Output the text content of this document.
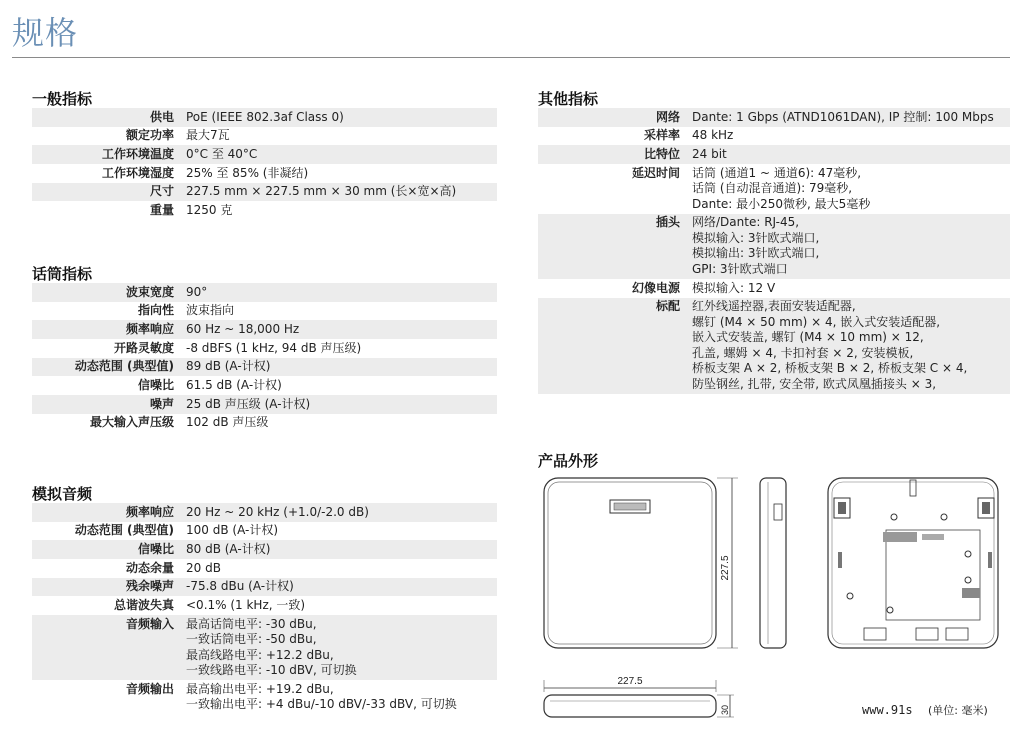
规格
一般指标
供电	PoE (IEEE 802.3af Class 0)
额定功率	最大7瓦
工作环境温度	0°C 至 40°C
工作环境湿度	25% 至 85% (非凝结)
尺寸	227.5 mm × 227.5 mm × 30 mm (长×宽×高)
重量	1250 克
话筒指标
波束宽度	90°
指向性	波束指向
频率响应	60 Hz ~ 18,000 Hz
开路灵敏度	-8 dBFS (1 kHz, 94 dB 声压级)
动态范围 (典型值)	89 dB (A-计权)
信噪比	61.5 dB (A-计权)
噪声	25 dB 声压级 (A-计权)
最大输入声压级	102 dB 声压级
模拟音频
频率响应	20 Hz ~ 20 kHz (+1.0/-2.0 dB)
动态范围 (典型值)	100 dB (A-计权)
信噪比	80 dB (A-计权)
动态余量	20 dB
残余噪声	-75.8 dBu (A-计权)
总谐波失真	<0.1% (1 kHz, 一致)
音频输入	最高话筒电平: -30 dBu,
一致话筒电平: -50 dBu,
最高线路电平: +12.2 dBu,
一致线路电平: -10 dBV, 可切换
音频输出	最高输出电平: +19.2 dBu,
一致输出电平: +4 dBu/-10 dBV/-33 dBV, 可切换
其他指标
网络	Dante: 1 Gbps (ATND1061DAN), IP 控制: 100 Mbps
采样率	48 kHz
比特位	24 bit
延迟时间	话筒 (通道1 ~ 通道6): 47毫秒,
话筒 (自动混音通道): 79毫秒,
Dante: 最小250微秒, 最大5毫秒
插头	网络/Dante: RJ-45,
模拟输入: 3针欧式端口,
模拟输出: 3针欧式端口,
GPI: 3针欧式端口
幻像电源	模拟输入: 12 V
标配	红外线遥控器,表面安装适配器,
螺钉 (M4 × 50 mm) × 4, 嵌入式安装适配器,
嵌入式安装盖, 螺钉 (M4 × 10 mm) × 12,
孔盖, 螺姆 × 4, 卡扣衬套 × 2, 安装模板,
桥板支架 A × 2, 桥板支架 B × 2, 桥板支架 C × 4,
防坠钢丝, 扎带, 安全带, 欧式凤凰插接头 × 3,
产品外形
227.5
227.5
30	www.91s (单位: 毫米)
